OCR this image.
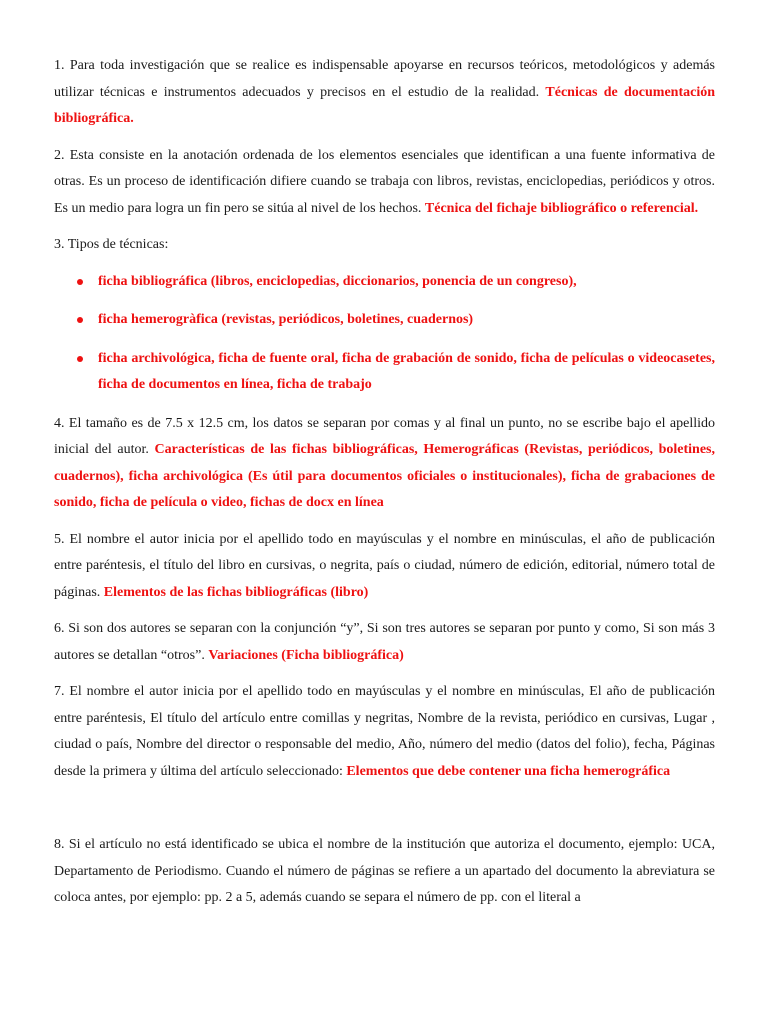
1. Para toda investigación que se realice es indispensable apoyarse en recursos teóricos, metodológicos y además utilizar técnicas e instrumentos adecuados y precisos en el estudio de la realidad. Técnicas de documentación bibliográfica.

2. Esta consiste en la anotación ordenada de los elementos esenciales que identifican a una fuente informativa de otras. Es un proceso de identificación difiere cuando se trabaja con libros, revistas, enciclopedias, periódicos y otros. Es un medio para logra un fin pero se sitúa al nivel de los hechos. Técnica del fichaje bibliográfico o referencial.

3. Tipos de técnicas:

ficha bibliográfica (libros, enciclopedias, diccionarios, ponencia de un congreso),
ficha hemerogràfica (revistas, periódicos, boletines, cuadernos)
ficha archivológica, ficha de fuente oral, ficha de grabación de sonido, ficha de películas o videocasetes, ficha de documentos en línea, ficha de trabajo

4. El tamaño es de 7.5 x 12.5 cm, los datos se separan por comas y al final un punto, no se escribe bajo el apellido inicial del autor. Características de las fichas bibliográficas, Hemerográficas (Revistas, periódicos, boletines, cuadernos), ficha archivológica (Es útil para documentos oficiales o institucionales), ficha de grabaciones de sonido, ficha de película o video, fichas de docx en línea

5. El nombre el autor inicia por el apellido todo en mayúsculas y el nombre en minúsculas, el año de publicación entre paréntesis, el título del libro en cursivas, o negrita, país o ciudad, número de edición, editorial, número total de páginas. Elementos de las fichas bibliográficas (libro)

6. Si son dos autores se separan con la conjunción “y”, Si son tres autores se separan por punto y como, Si son más 3 autores se detallan “otros”. Variaciones (Ficha bibliográfica)

7. El nombre el autor inicia por el apellido todo en mayúsculas y el nombre en minúsculas, El año de publicación entre paréntesis, El título del artículo entre comillas y negritas, Nombre de la revista, periódico en cursivas, Lugar , ciudad o país, Nombre del director o responsable del medio, Año, número del medio (datos del folio), fecha, Páginas desde la primera y última del artículo seleccionado: Elementos que debe contener una ficha hemerográfica

8. Si el artículo no está identificado se ubica el nombre de la institución que autoriza el documento, ejemplo: UCA, Departamento de Periodismo. Cuando el número de páginas se refiere a un apartado del documento la abreviatura se coloca antes, por ejemplo: pp. 2 a 5, además cuando se separa el número de pp. con el literal a
